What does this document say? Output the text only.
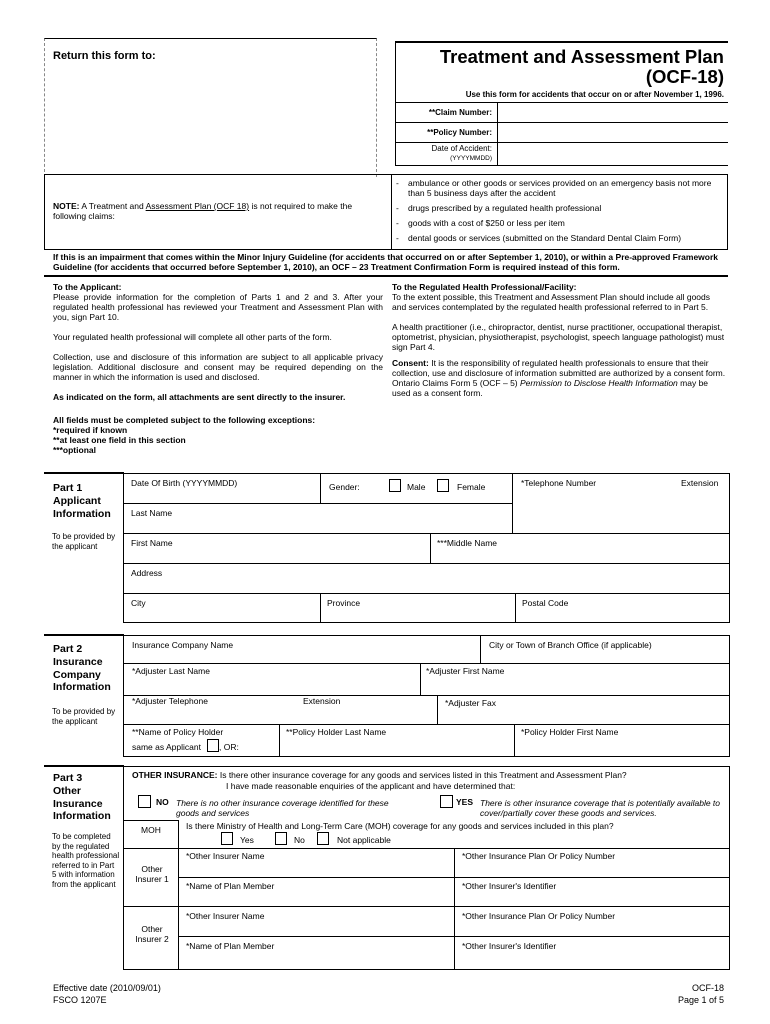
Return this form to:	Treatment and Assessment Plan
(OCF-18)
Use this form for accidents that occur on or after November 1, 1996.
**Claim Number:
**Policy Number:
Date of Accident:
(YYYYMMDD)
NOTE: A Treatment and Assessment Plan (OCF 18) is not required to make the following claims:
-	ambulance or other goods or services provided on an emergency basis not more than 5 business days after the accident
-	drugs prescribed by a regulated health professional
-	goods with a cost of $250 or less per item
-	dental goods or services (submitted on the Standard Dental Claim Form)
If this is an impairment that comes within the Minor Injury Guideline (for accidents that occurred on or after September 1, 2010), or within a Pre-approved Framework Guideline (for accidents that occurred before September 1, 2010), an OCF – 23 Treatment Confirmation Form is required instead of this form.
To the Applicant:
Please provide information for the completion of Parts 1 and 2 and 3. After your regulated health professional has reviewed your Treatment and Assessment Plan with you, sign Part 10.
Your regulated health professional will complete all other parts of the form.
Collection, use and disclosure of this information are subject to all applicable privacy legislation. Additional disclosure and consent may be required depending on the manner in which the information is used and disclosed.
As indicated on the form, all attachments are sent directly to the insurer.
To the Regulated Health Professional/Facility:
To the extent possible, this Treatment and Assessment Plan should include all goods and services contemplated by the regulated health professional referred to in Part 5.
A health practitioner (i.e., chiropractor, dentist, nurse practitioner, occupational therapist, optometrist, physician, physiotherapist, psychologist, speech language pathologist) must sign Part 4.
Consent: It is the responsibility of regulated health professionals to ensure that their collection, use and disclosure of information submitted are authorized by a consent form. Ontario Claims Form 5 (OCF – 5) Permission to Disclose Health Information may be used as a consent form.
All fields must be completed subject to the following exceptions:
*required if known
**at least one field in this section
***optional
Part 1
Applicant
Information
To be provided by the applicant
Date Of Birth (YYYYMMDD)	Gender:	Male	Female	*Telephone Number	Extension
Last Name
First Name	***Middle Name
Address
City	Province	Postal Code
Part 2
Insurance
Company
Information
To be provided by the applicant
Insurance Company Name	City or Town of Branch Office (if applicable)
*Adjuster Last Name	*Adjuster First Name
*Adjuster Telephone	Extension	*Adjuster Fax
**Name of Policy Holder
same as Applicant , OR:
**Policy Holder Last Name	*Policy Holder First Name
Part 3
Other
Insurance
Information
To be completed by the regulated health professional referred to in Part 5 with information from the applicant
OTHER INSURANCE: Is there other insurance coverage for any goods and services listed in this Treatment and Assessment Plan?
I have made reasonable enquiries of the applicant and have determined that:
NO There is no other insurance coverage identified for these goods and services
YES There is other insurance coverage that is potentially available to cover/partially cover these goods and services.
MOH	Is there Ministry of Health and Long-Term Care (MOH) coverage for any goods and services included in this plan?
Yes	No	Not applicable
Other Insurer 1
Other Insurer 2
*Other Insurer Name	*Other Insurance Plan Or Policy Number
*Name of Plan Member	*Other Insurer's Identifier
*Other Insurer Name	*Other Insurance Plan Or Policy Number
*Name of Plan Member	*Other Insurer's Identifier
Effective date (2010/09/01)
FSCO 1207E
OCF-18
Page 1 of 5
